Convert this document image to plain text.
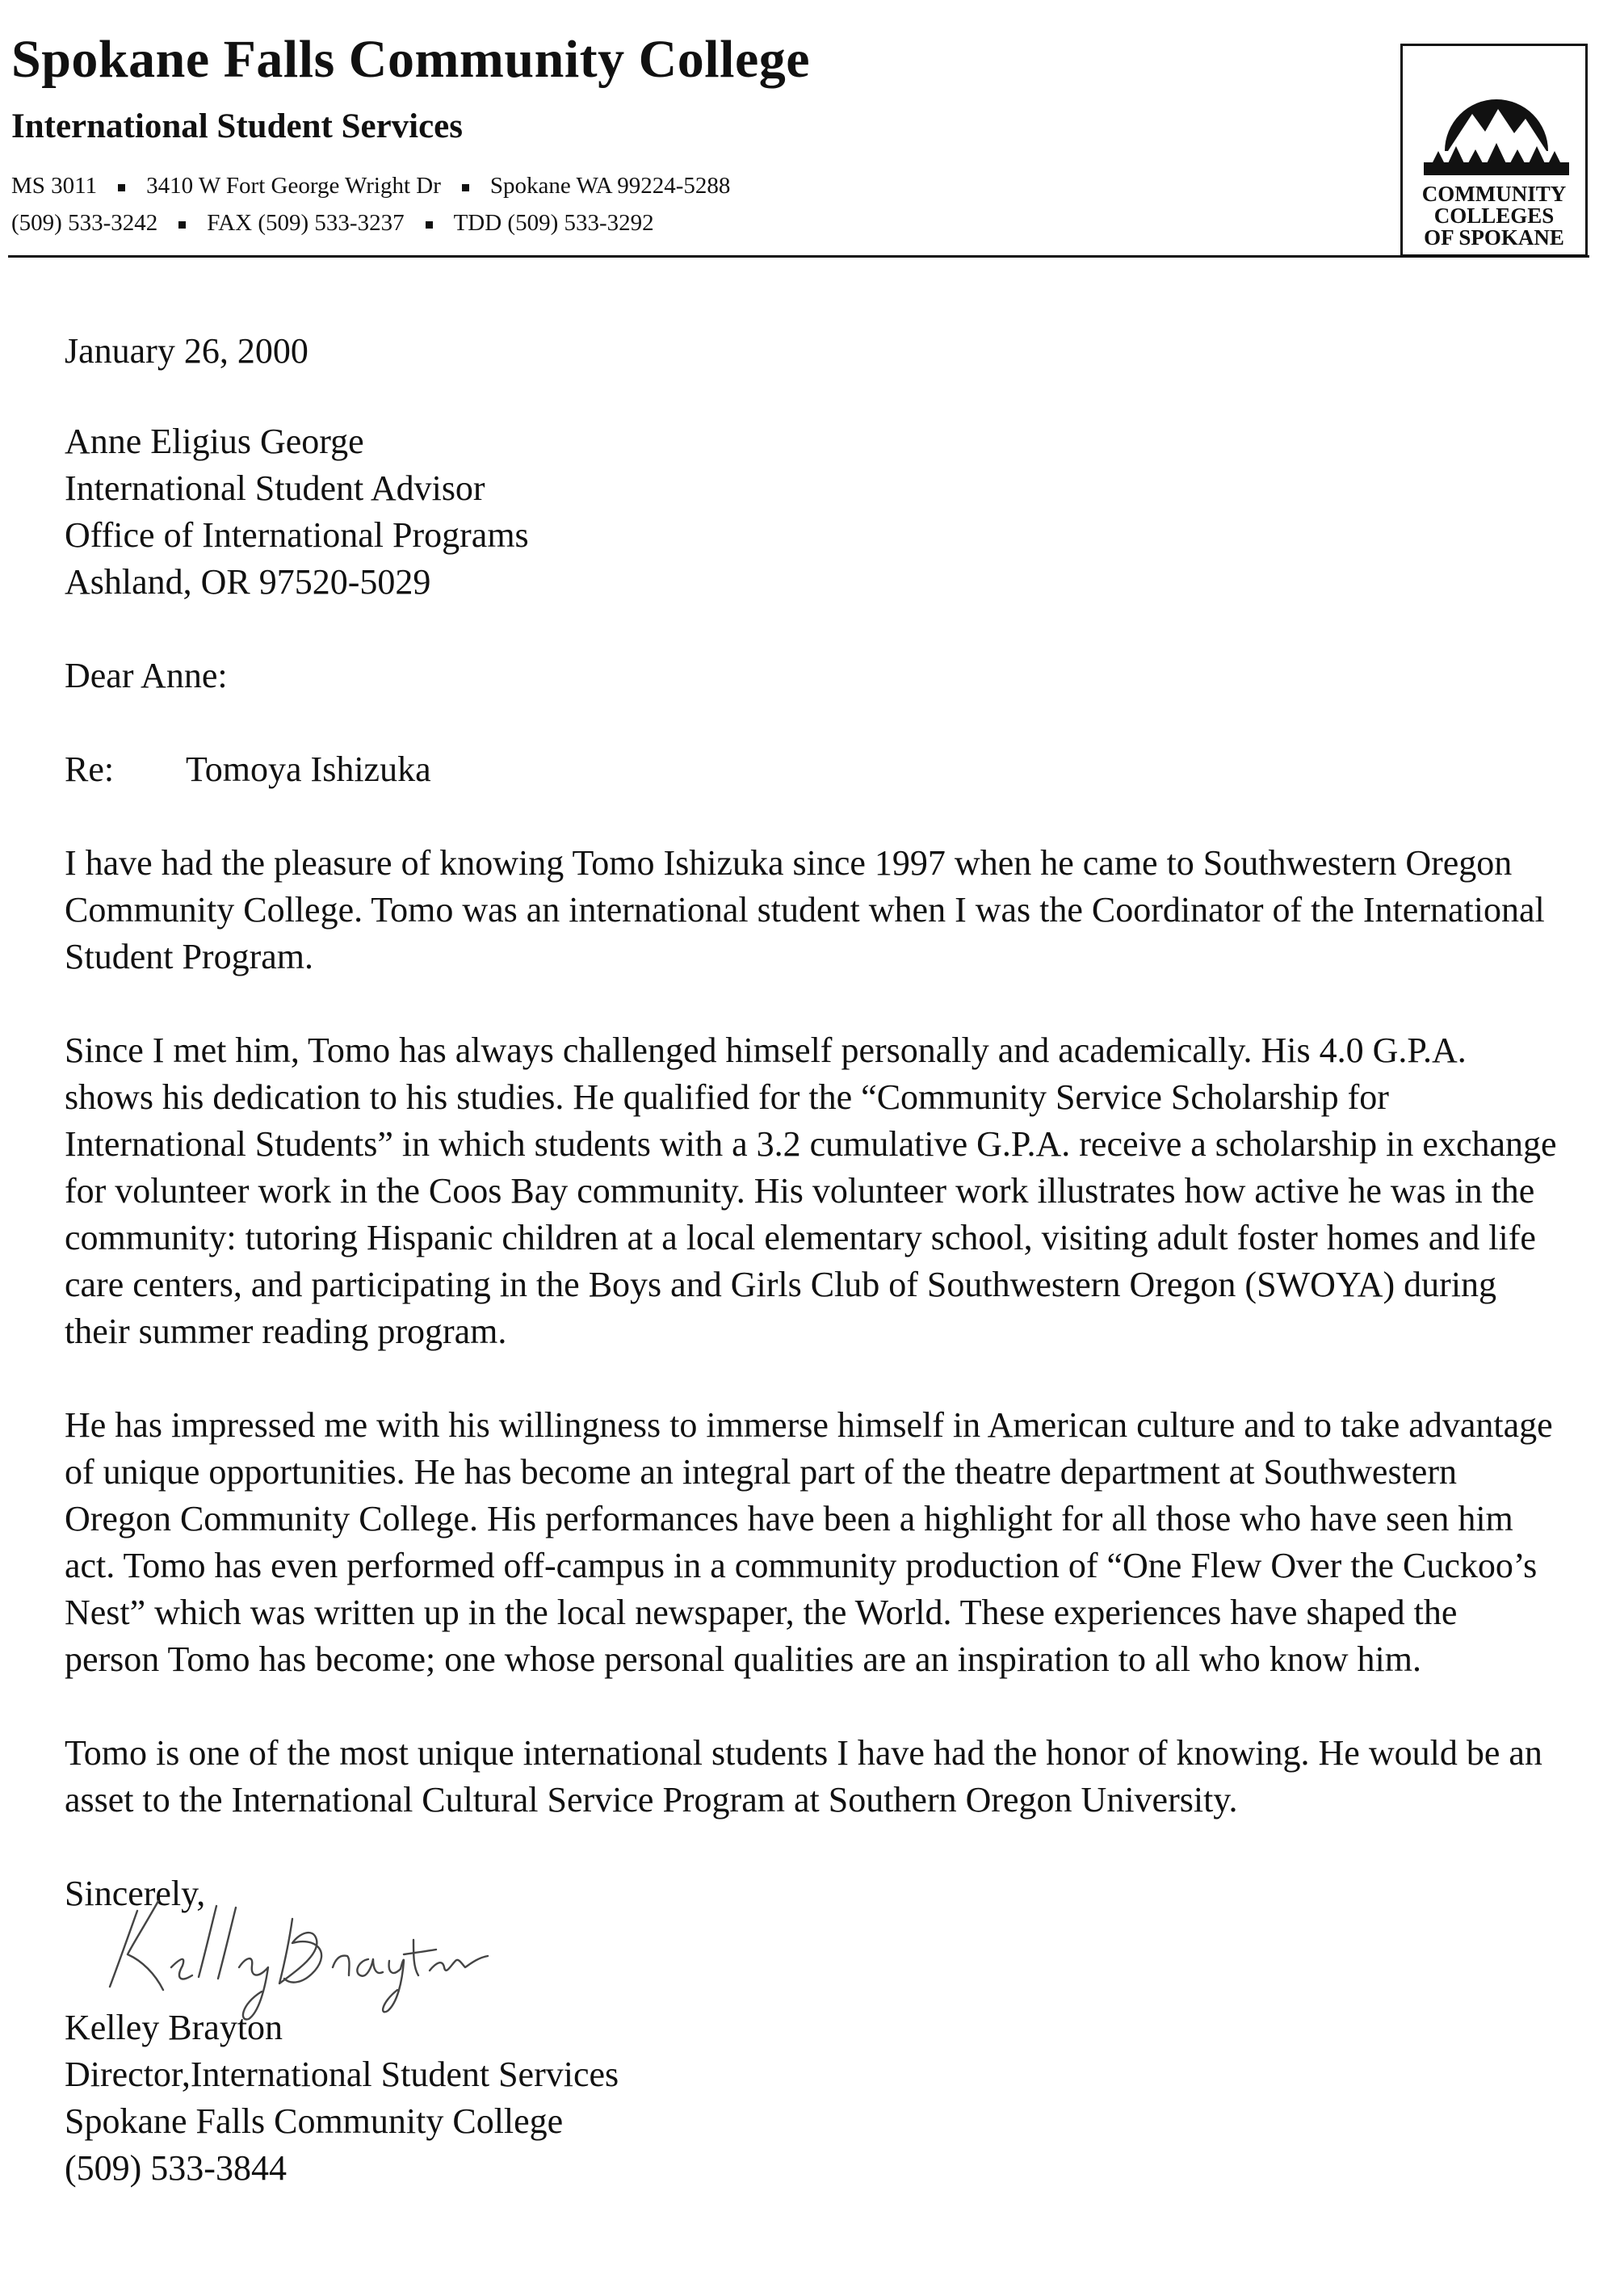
Spokane Falls Community College
International Student Services
MS 3011 3410 W Fort George Wright Dr Spokane WA 99224-5288
(509) 533-3242 FAX (509) 533-3237 TDD (509) 533-3292
COMMUNITY
COLLEGES
OF SPOKANE

January 26, 2000

Anne Eligius George
International Student Advisor
Office of International Programs
Ashland, OR 97520-5029

Dear Anne:

Re: Tomoya Ishizuka

I have had the pleasure of knowing Tomo Ishizuka since 1997 when he came to Southwestern Oregon Community College. Tomo was an international student when I was the Coordinator of the International Student Program.

Since I met him, Tomo has always challenged himself personally and academically. His 4.0 G.P.A. shows his dedication to his studies. He qualified for the “Community Service Scholarship for International Students” in which students with a 3.2 cumulative G.P.A. receive a scholarship in exchange for volunteer work in the Coos Bay community. His volunteer work illustrates how active he was in the community: tutoring Hispanic children at a local elementary school, visiting adult foster homes and life care centers, and participating in the Boys and Girls Club of Southwestern Oregon (SWOYA) during their summer reading program.

He has impressed me with his willingness to immerse himself in American culture and to take advantage of unique opportunities. He has become an integral part of the theatre department at Southwestern Oregon Community College. His performances have been a highlight for all those who have seen him act. Tomo has even performed off-campus in a community production of “One Flew Over the Cuckoo’s Nest” which was written up in the local newspaper, the World. These experiences have shaped the person Tomo has become; one whose personal qualities are an inspiration to all who know him.

Tomo is one of the most unique international students I have had the honor of knowing. He would be an asset to the International Cultural Service Program at Southern Oregon University.

Sincerely,

Kelley Brayton
Director,International Student Services
Spokane Falls Community College
(509) 533-3844
